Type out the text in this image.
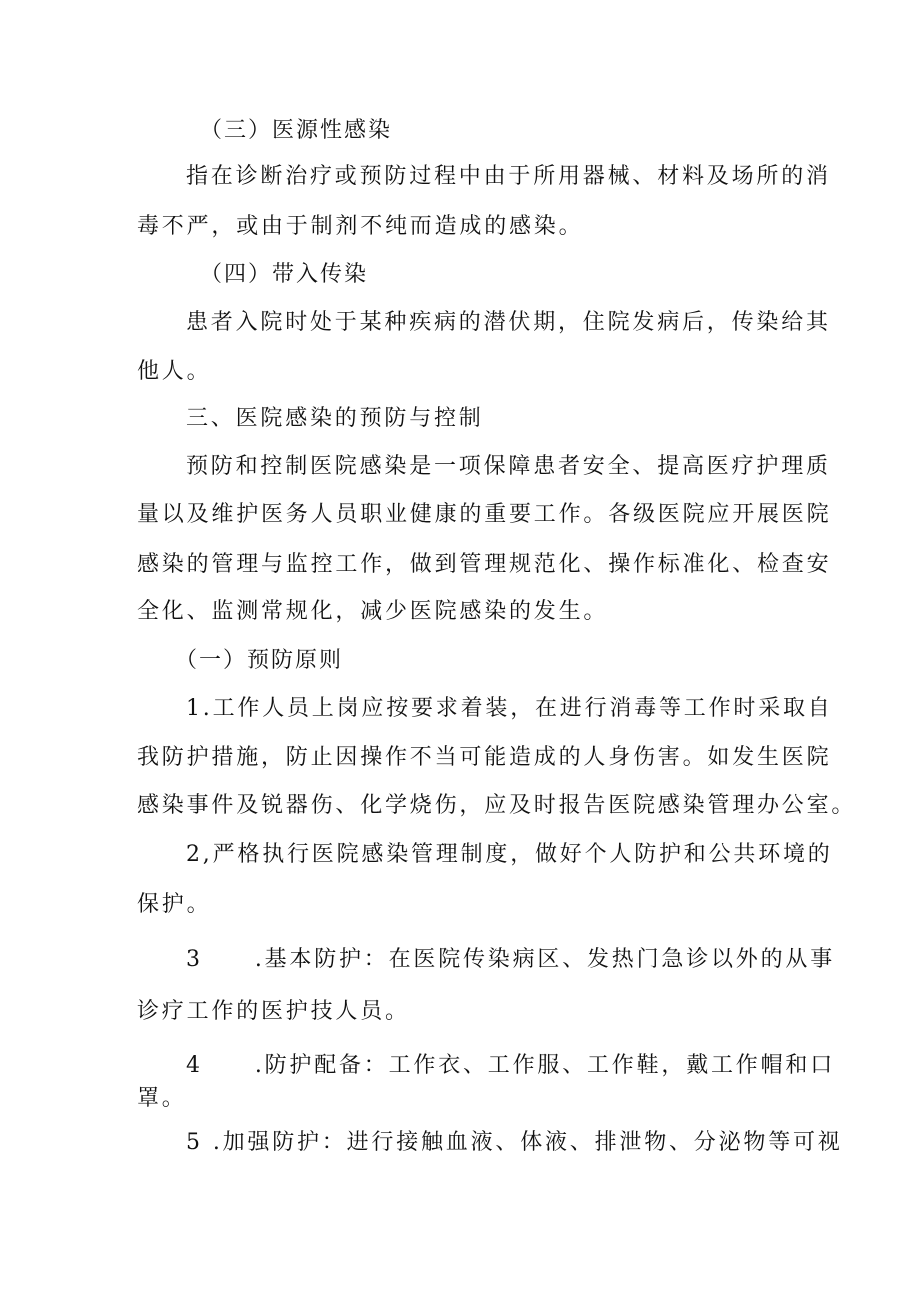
（三）医源性感染
指在诊断治疗或预防过程中由于所用器械、材料及场所的消
毒不严，或由于制剂不纯而造成的感染。
（四）带入传染
患者入院时处于某种疾病的潜伏期，住院发病后，传染给其
他人。
三、医院感染的预防与控制
预防和控制医院感染是一项保障患者安全、提高医疗护理质
量以及维护医务人员职业健康的重要工作。各级医院应开展医院
感染的管理与监控工作，做到管理规范化、操作标准化、检查安
全化、监测常规化，减少医院感染的发生。
（一）预防原则
1.工作人员上岗应按要求着装，在进行消毒等工作时采取自
我防护措施，防止因操作不当可能造成的人身伤害。如发生医院
感染事件及锐器伤、化学烧伤，应及时报告医院感染管理办公室。
2,严格执行医院感染管理制度，做好个人防护和公共环境的
保护。
3 .基本防护：在医院传染病区、发热门急诊以外的从事
诊疗工作的医护技人员。
4 .防护配备：工作衣、工作服、工作鞋，戴工作帽和口
罩。
5 .加强防护：进行接触血液、体液、排泄物、分泌物等可视
